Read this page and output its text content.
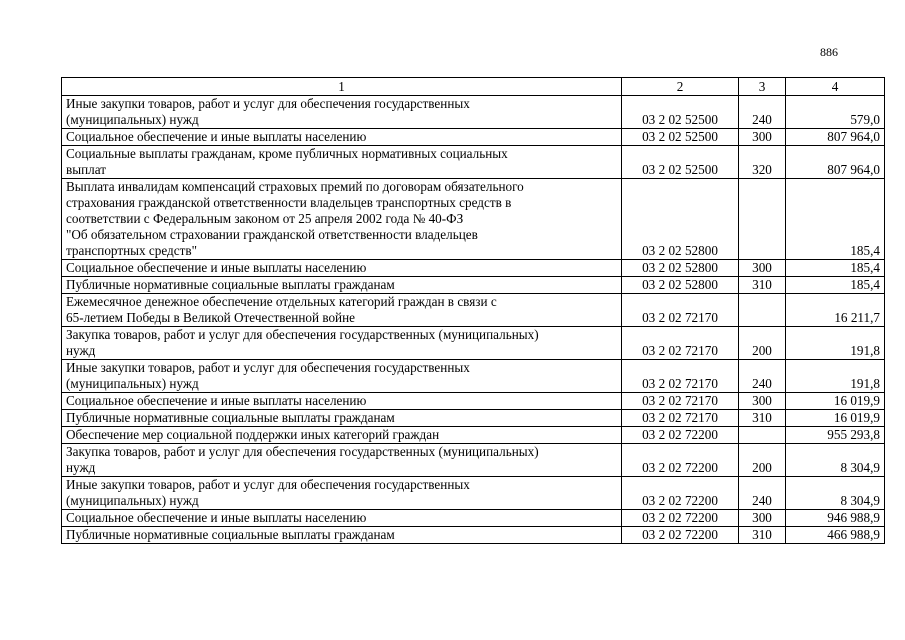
886
1	2	3	4
Иные закупки товаров, работ и услуг для обеспечения государственных
(муниципальных) нужд	03 2 02 52500	240	579,0
Социальное обеспечение и иные выплаты населению	03 2 02 52500	300	807 964,0
Социальные выплаты гражданам, кроме публичных нормативных социальных
выплат	03 2 02 52500	320	807 964,0
Выплата инвалидам компенсаций страховых премий по договорам обязательного
страхования гражданской ответственности владельцев транспортных средств в
соответствии с Федеральным законом от 25 апреля 2002 года № 40-ФЗ
"Об обязательном страховании гражданской ответственности владельцев
транспортных средств"	03 2 02 52800		185,4
Социальное обеспечение и иные выплаты населению	03 2 02 52800	300	185,4
Публичные нормативные социальные выплаты гражданам	03 2 02 52800	310	185,4
Ежемесячное денежное обеспечение отдельных категорий граждан в связи с
65-летием Победы в Великой Отечественной войне	03 2 02 72170		16 211,7
Закупка товаров, работ и услуг для обеспечения государственных (муниципальных)
нужд	03 2 02 72170	200	191,8
Иные закупки товаров, работ и услуг для обеспечения государственных
(муниципальных) нужд	03 2 02 72170	240	191,8
Социальное обеспечение и иные выплаты населению	03 2 02 72170	300	16 019,9
Публичные нормативные социальные выплаты гражданам	03 2 02 72170	310	16 019,9
Обеспечение мер социальной поддержки иных категорий граждан	03 2 02 72200		955 293,8
Закупка товаров, работ и услуг для обеспечения государственных (муниципальных)
нужд	03 2 02 72200	200	8 304,9
Иные закупки товаров, работ и услуг для обеспечения государственных
(муниципальных) нужд	03 2 02 72200	240	8 304,9
Социальное обеспечение и иные выплаты населению	03 2 02 72200	300	946 988,9
Публичные нормативные социальные выплаты гражданам	03 2 02 72200	310	466 988,9
